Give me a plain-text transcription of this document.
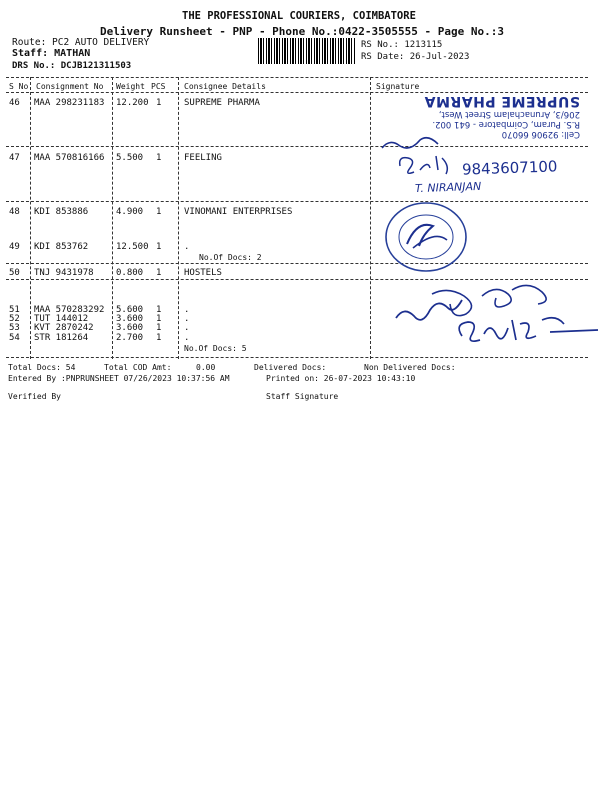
THE PROFESSIONAL COURIERS, COIMBATORE
Delivery Runsheet - PNP - Phone No.:0422-3505555 - Page No.:3
Route: PC2 AUTO DELIVERY
Staff: MATHAN
DRS No.: DCJB121311503
RS No.: 1213115
RS Date: 26-Jul-2023
S No Consignment No Weight PCS Consignee Details	Signature
46 MAA 298231183 12.200 1	SUPREME PHARMA
47 MAA 570816166 5.500 1	FEELING
48 KDI 853886	4.900 1	VINOMANI ENTERPRISES
49 KDI 853762	12.500 1	.
No.Of Docs: 2
50 TNJ 9431978 0.800 1	HOSTELS
51 MAA 570283292 5.600 1	.
52 TUT 144012	3.600 1	.
53 KVT 2870242 3.600 1	.
54 STR 181264	2.700 1	.
No.Of Docs: 5
Cell: 92906 66070
R.S. Puram, Coimbatore - 641 002.
206/3, Arunachalam Street West,
SUPREME PHARMA
9843607100
T. NIRANJAN
Total Docs: 54	Total COD Amt:	0.00	Delivered Docs:	Non Delivered Docs:
Entered By :PNPRUNSHEET 07/26/2023 10:37:56 AM	Printed on: 26-07-2023 10:43:10
Verified By	Staff Signature
